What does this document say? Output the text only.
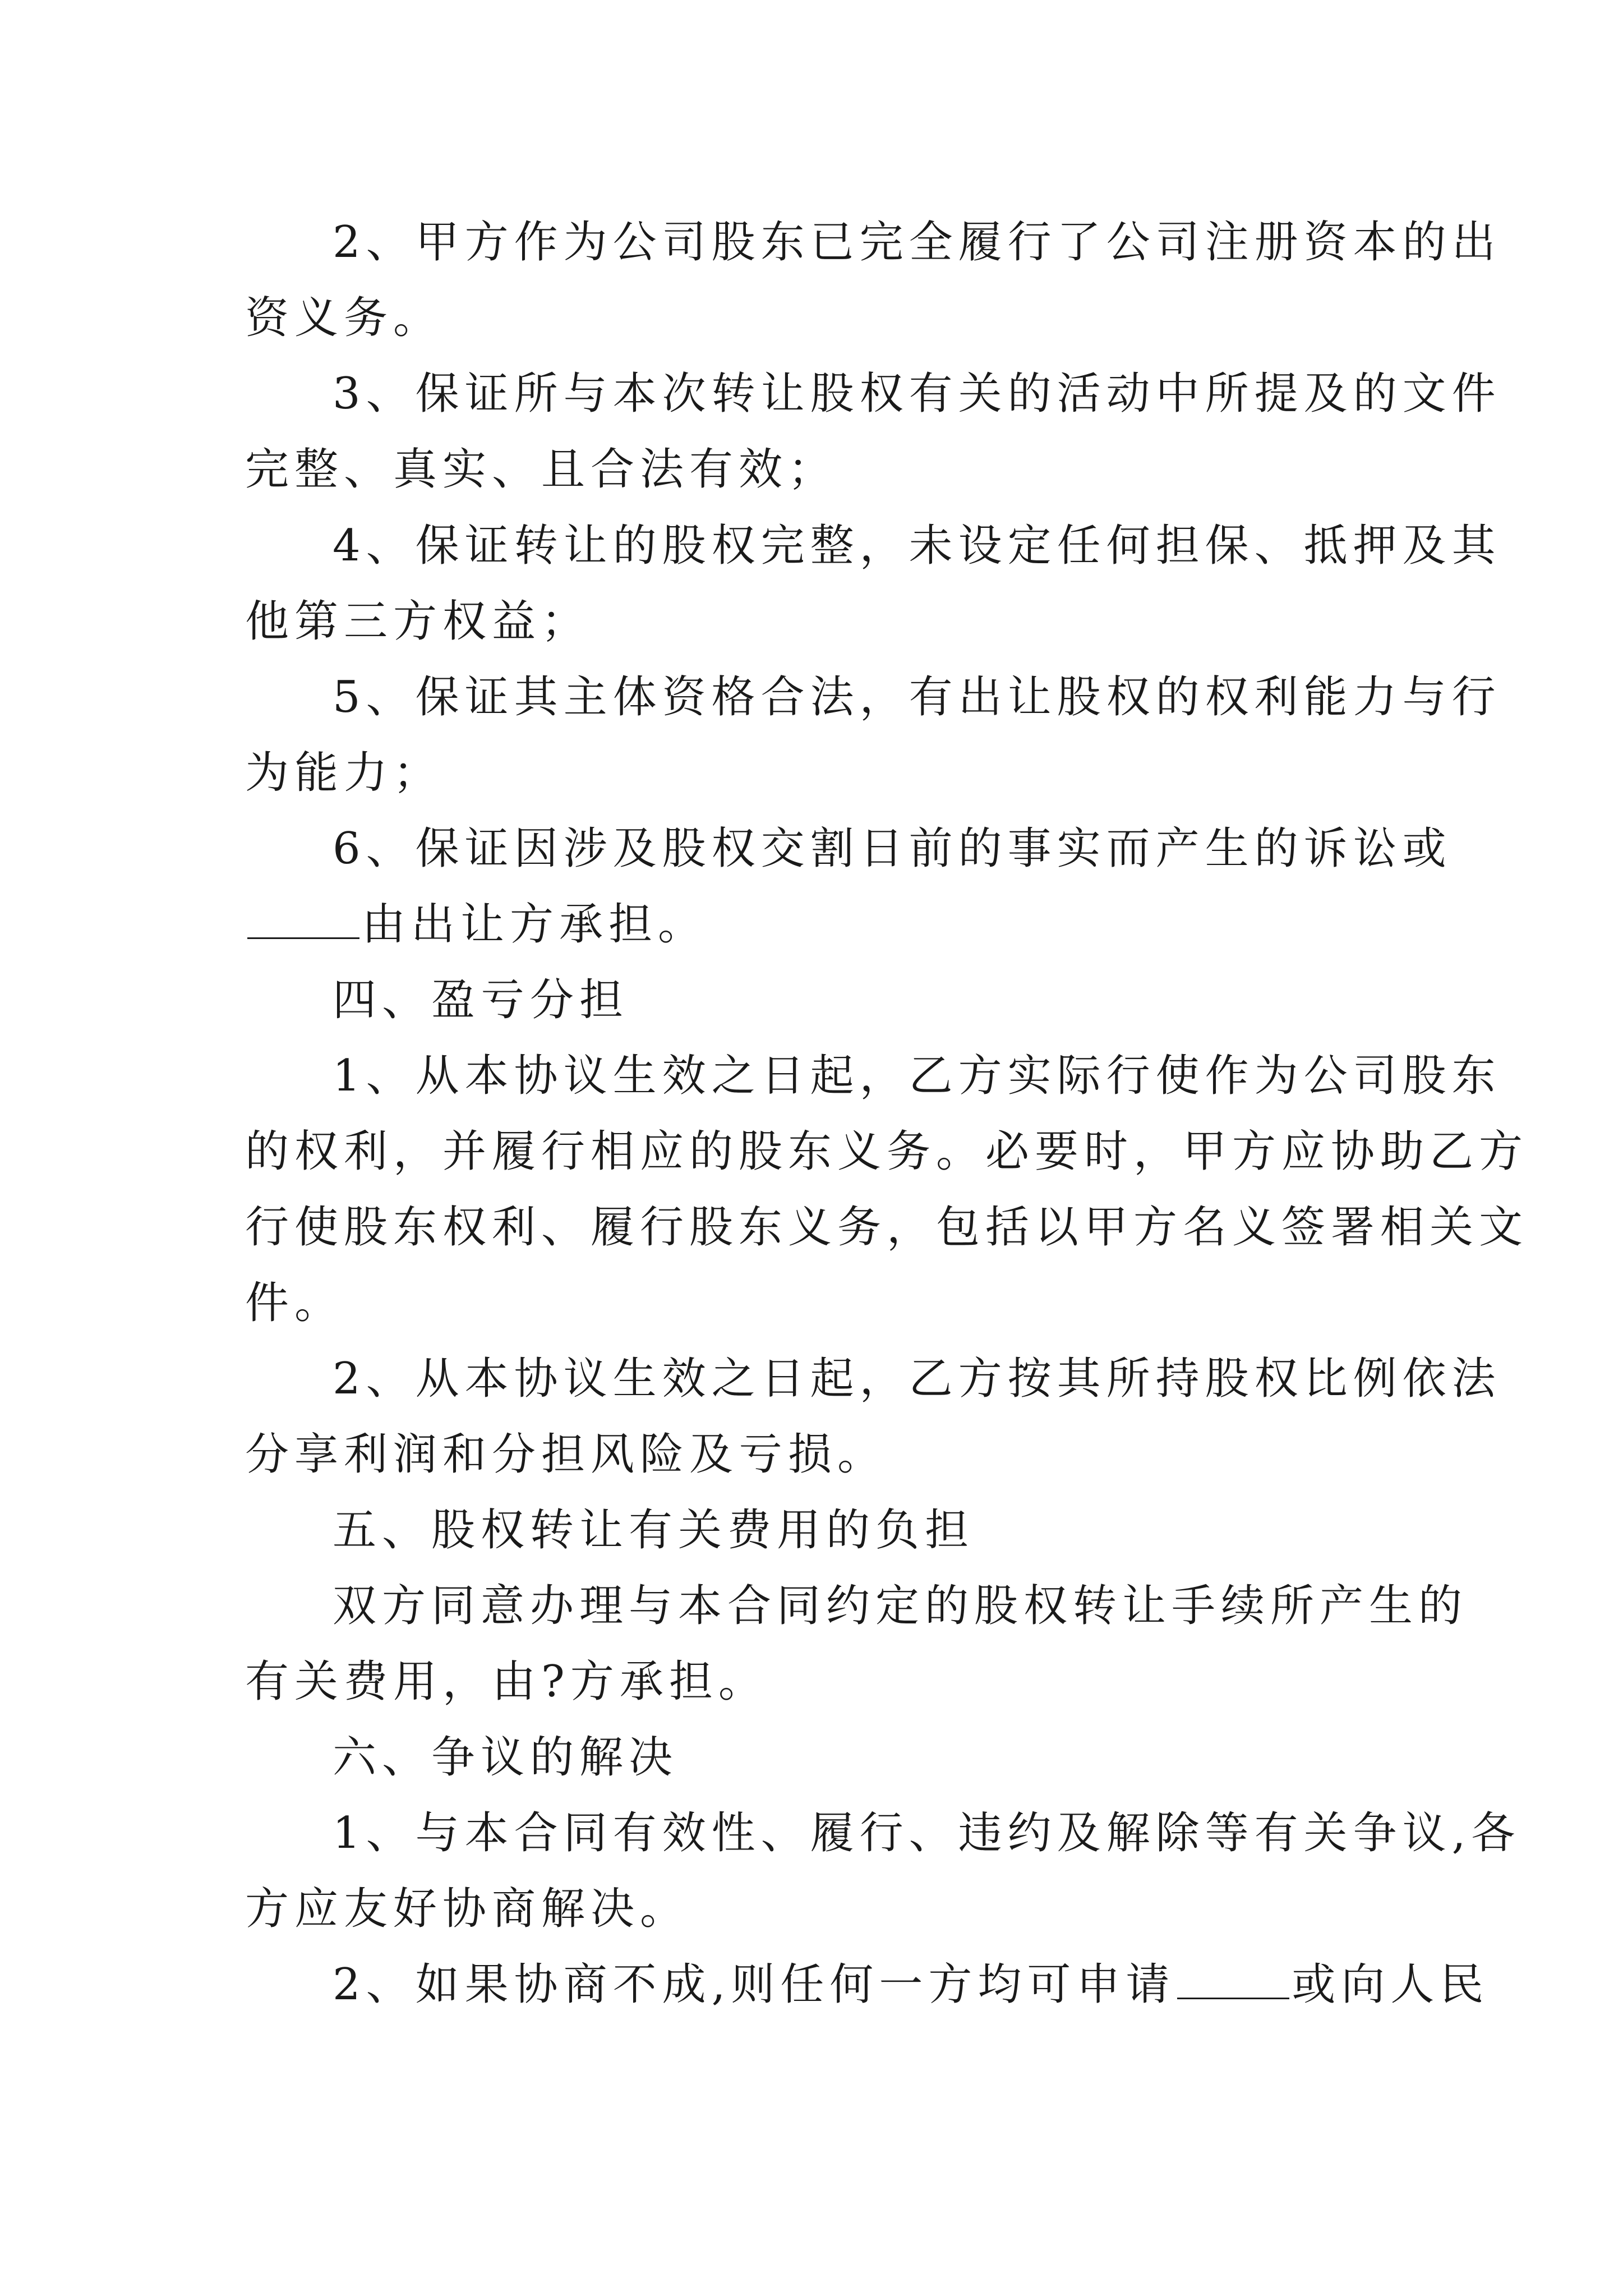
2、甲方作为公司股东已完全履行了公司注册资本的出
资义务。
3、保证所与本次转让股权有关的活动中所提及的文件
完整、真实、且合法有效；
4、保证转让的股权完整，未设定任何担保、抵押及其
他第三方权益；
5、保证其主体资格合法，有出让股权的权利能力与行
为能力；
6、保证因涉及股权交割日前的事实而产生的诉讼或
由出让方承担。
四、盈亏分担
1、从本协议生效之日起，乙方实际行使作为公司股东
的权利，并履行相应的股东义务。必要时，甲方应协助乙方
行使股东权利、履行股东义务，包括以甲方名义签署相关文
件。
2、从本协议生效之日起，乙方按其所持股权比例依法
分享利润和分担风险及亏损。
五、股权转让有关费用的负担
双方同意办理与本合同约定的股权转让手续所产生的
有关费用，由?方承担。
六、争议的解决
1、与本合同有效性、履行、违约及解除等有关争议,各
方应友好协商解决。
2、如果协商不成,则任何一方均可申请	或向人民
